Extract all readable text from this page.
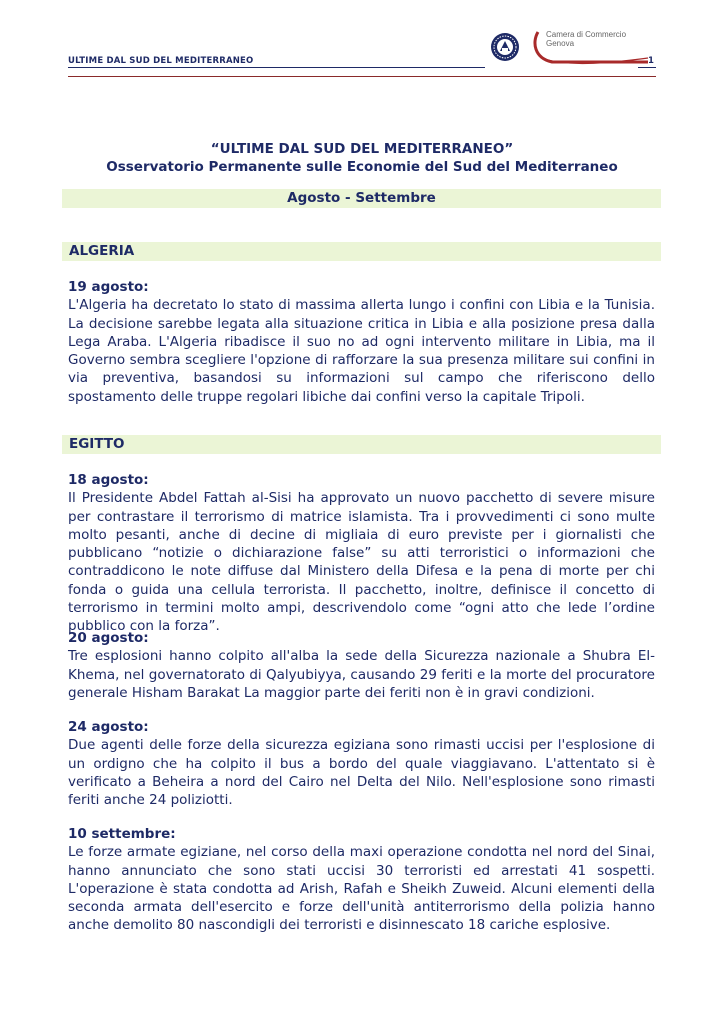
ULTIME DAL SUD DEL MEDITERRANEO	1
Camera di Commercio
Genova
“ULTIME DAL SUD DEL MEDITERRANEO”
Osservatorio Permanente sulle Economie del Sud del Mediterraneo
Agosto - Settembre
ALGERIA
19 agosto:
L'Algeria ha decretato lo stato di massima allerta lungo i confini con Libia e la Tunisia. La decisione sarebbe legata alla situazione critica in Libia e alla posizione presa dalla Lega Araba. L'Algeria ribadisce il suo no ad ogni intervento militare in Libia, ma il Governo sembra scegliere l'opzione di rafforzare la sua presenza militare sui confini in via preventiva, basandosi su informazioni sul campo che riferiscono dello spostamento delle truppe regolari libiche dai confini verso la capitale Tripoli.
EGITTO
18 agosto:
Il Presidente Abdel Fattah al-Sisi ha approvato un nuovo pacchetto di severe misure per contrastare il terrorismo di matrice islamista. Tra i provvedimenti ci sono multe molto pesanti, anche di decine di migliaia di euro previste per i giornalisti che pubblicano “notizie o dichiarazione false” su atti terroristici o informazioni che contraddicono le note diffuse dal Ministero della Difesa e la pena di morte per chi fonda o guida una cellula terrorista. Il pacchetto, inoltre, definisce il concetto di terrorismo in termini molto ampi, descrivendolo come “ogni atto che lede l’ordine pubblico con la forza”.
20 agosto:
Tre esplosioni hanno colpito all'alba la sede della Sicurezza nazionale a Shubra El-Khema, nel governatorato di Qalyubiyya, causando 29 feriti e la morte del procuratore generale Hisham Barakat La maggior parte dei feriti non è in gravi condizioni.
24 agosto:
Due agenti delle forze della sicurezza egiziana sono rimasti uccisi per l'esplosione di un ordigno che ha colpito il bus a bordo del quale viaggiavano. L'attentato si è verificato a Beheira a nord del Cairo nel Delta del Nilo. Nell'esplosione sono rimasti feriti anche 24 poliziotti.
10 settembre:
Le forze armate egiziane, nel corso della maxi operazione condotta nel nord del Sinai, hanno annunciato che sono stati uccisi 30 terroristi ed arrestati 41 sospetti. L'operazione è stata condotta ad Arish, Rafah e Sheikh Zuweid. Alcuni elementi della seconda armata dell'esercito e forze dell'unità antiterrorismo della polizia hanno anche demolito 80 nascondigli dei terroristi e disinnescato 18 cariche esplosive.
